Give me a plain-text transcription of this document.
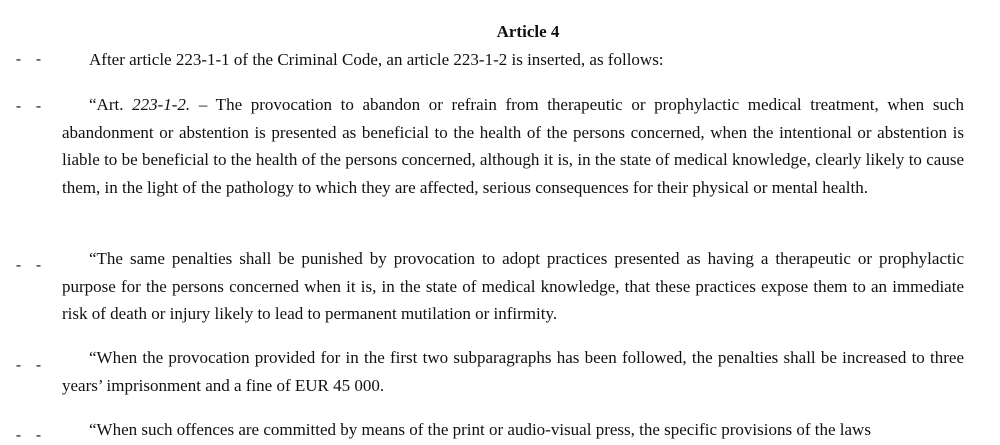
Article 4
- -	After article 223-1-1 of the Criminal Code, an article 223-1-2 is inserted, as follows:

- -	“Art. 223-1-2. – The provocation to abandon or refrain from therapeutic or prophylactic medical treatment, when such abandonment or abstention is presented as beneficial to the health of the persons concerned, when the intentional or abstention is liable to be beneficial to the health of the persons concerned, although it is, in the state of medical knowledge, clearly likely to cause them, in the light of the pathology to which they are affected, serious consequences for their physical or mental health.

- -	“The same penalties shall be punished by provocation to adopt practices presented as having a therapeutic or prophylactic purpose for the persons concerned when it is, in the state of medical knowledge, that these practices expose them to an immediate risk of death or injury likely to lead to permanent mutilation or infirmity.

- -	“When the provocation provided for in the first two subparagraphs has been followed, the penalties shall be increased to three years’ imprisonment and a fine of EUR 45 000.

- -	“When such offences are committed by means of the print or audio-visual press, the specific provisions of the laws
